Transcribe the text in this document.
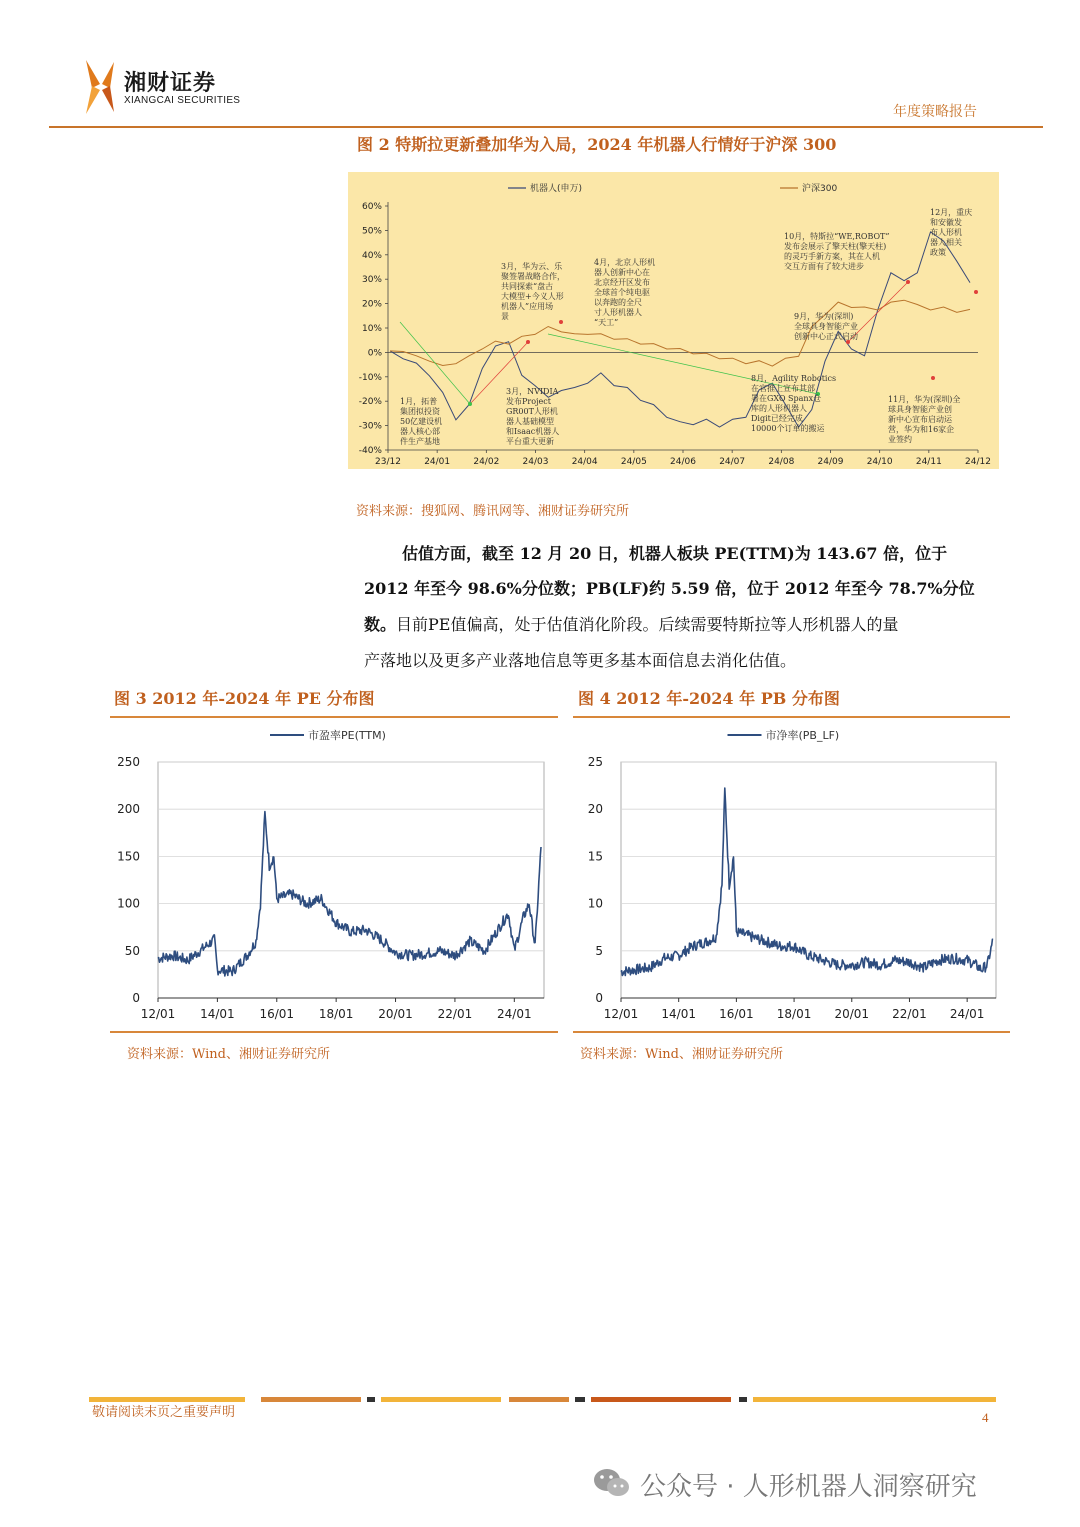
湘财证券
XIANGCAI SECURITIES
年度策略报告
图 2 特斯拉更新叠加华为入局，2024 年机器人行情好于沪深 300
机器人(申万)	沪深300
60%
50%
40%
30%
20%
10%
0%
-10%
-20%
-30%
-40%
23/12	24/01	24/02	24/03	24/04	24/05	24/06	24/07	24/08	24/09	24/10	24/11	24/12
1月，拓普
集团拟投资
50亿建设机
器人核心部
件生产基地
3月，华为云、乐
聚签署战略合作，
共同探索“盘古
大模型+今义人形
机器人”应用场
景
3月，NVIDIA
发布Project
GR00T人形机
器人基础模型
和Isaac机器人
平台重大更新
4月，北京人形机
器人创新中心在
北京经开区发布
全球首个纯电驱
以奔跑的全尺
寸人形机器人
“天工”
10月，特斯拉“WE,ROBOT”
发布会展示了擎天柱(擎天柱)
的灵巧手新方案，其在人机
交互方面有了较大进步
12月，重庆
和安徽发
布人形机
器人相关
政策
9月，华为(深圳)
全球具身智能产业
创新中心正式启动
8月，Agility Robotics
在官推上宣布其部
署在GXO Spanx仓
库的人形机器人
Digit已经完成
10000个订单的搬运
11月，华为(深圳)全
球具身智能产业创
新中心宣布启动运
营，华为和16家企
业签约
资料来源：搜狐网、腾讯网等、湘财证券研究所
估值方面，截至 12 月 20 日，机器人板块 PE(TTM)为 143.67 倍，位于
2012 年至今 98.6%分位数；PB(LF)约 5.59 倍，位于 2012 年至今 78.7%分位
数。目前PE值偏高，处于估值消化阶段。后续需要特斯拉等人形机器人的量
产落地以及更多产业落地信息等更多基本面信息去消化估值。
图 3 2012 年-2024 年 PE 分布图
市盈率PE(TTM)
250
200
150
100
50
0
12/01 14/01 16/01 18/01 20/01 22/01 24/01
资料来源：Wind、湘财证券研究所
图 4 2012 年-2024 年 PB 分布图
市净率(PB_LF)
25
20
15
10
5
0
12/01 14/01 16/01 18/01 20/01 22/01 24/01
资料来源：Wind、湘财证券研究所
敬请阅读末页之重要声明	4
公众号 · 人形机器人洞察研究
